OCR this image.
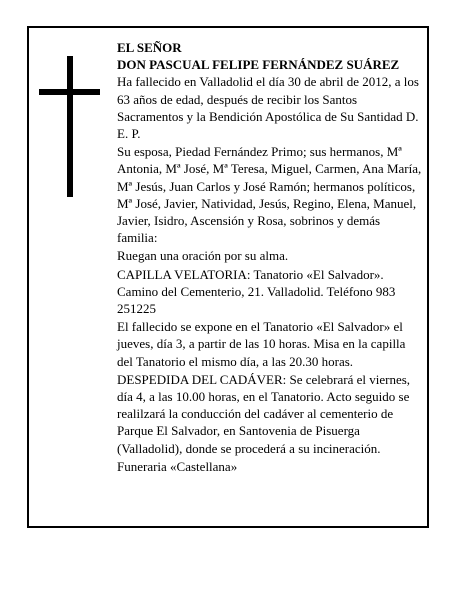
EL SEÑOR
DON PASCUAL FELIPE FERNÁNDEZ SUÁREZ

Ha fallecido en Valladolid el día 30 de abril de 2012, a los 63 años de edad, después de recibir los Santos Sacramentos y la Bendición Apostólica de Su Santidad D. E. P.

Su esposa, Piedad Fernández Primo; sus hermanos, Mª Antonia, Mª José, Mª Teresa, Miguel, Carmen, Ana María, Mª Jesús, Juan Carlos y José Ramón; hermanos políticos, Mª José, Javier, Natividad, Jesús, Regino, Elena, Manuel, Javier, Isidro, Ascensión y Rosa, sobrinos y demás familia:

Ruegan una oración por su alma.

CAPILLA VELATORIA: Tanatorio «El Salvador». Camino del Cementerio, 21. Valladolid. Teléfono 983 251225

El fallecido se expone en el Tanatorio «El Salvador» el jueves, día 3, a partir de las 10 horas. Misa en la capilla del Tanatorio el mismo día, a las 20.30 horas.

DESPEDIDA DEL CADÁVER: Se celebrará el viernes, día 4, a las 10.00 horas, en el Tanatorio. Acto seguido se realilzará la conducción del cadáver al cementerio de Parque El Salvador, en Santovenia de Pisuerga (Valladolid), donde se procederá a su incineración.

Funeraria «Castellana»
